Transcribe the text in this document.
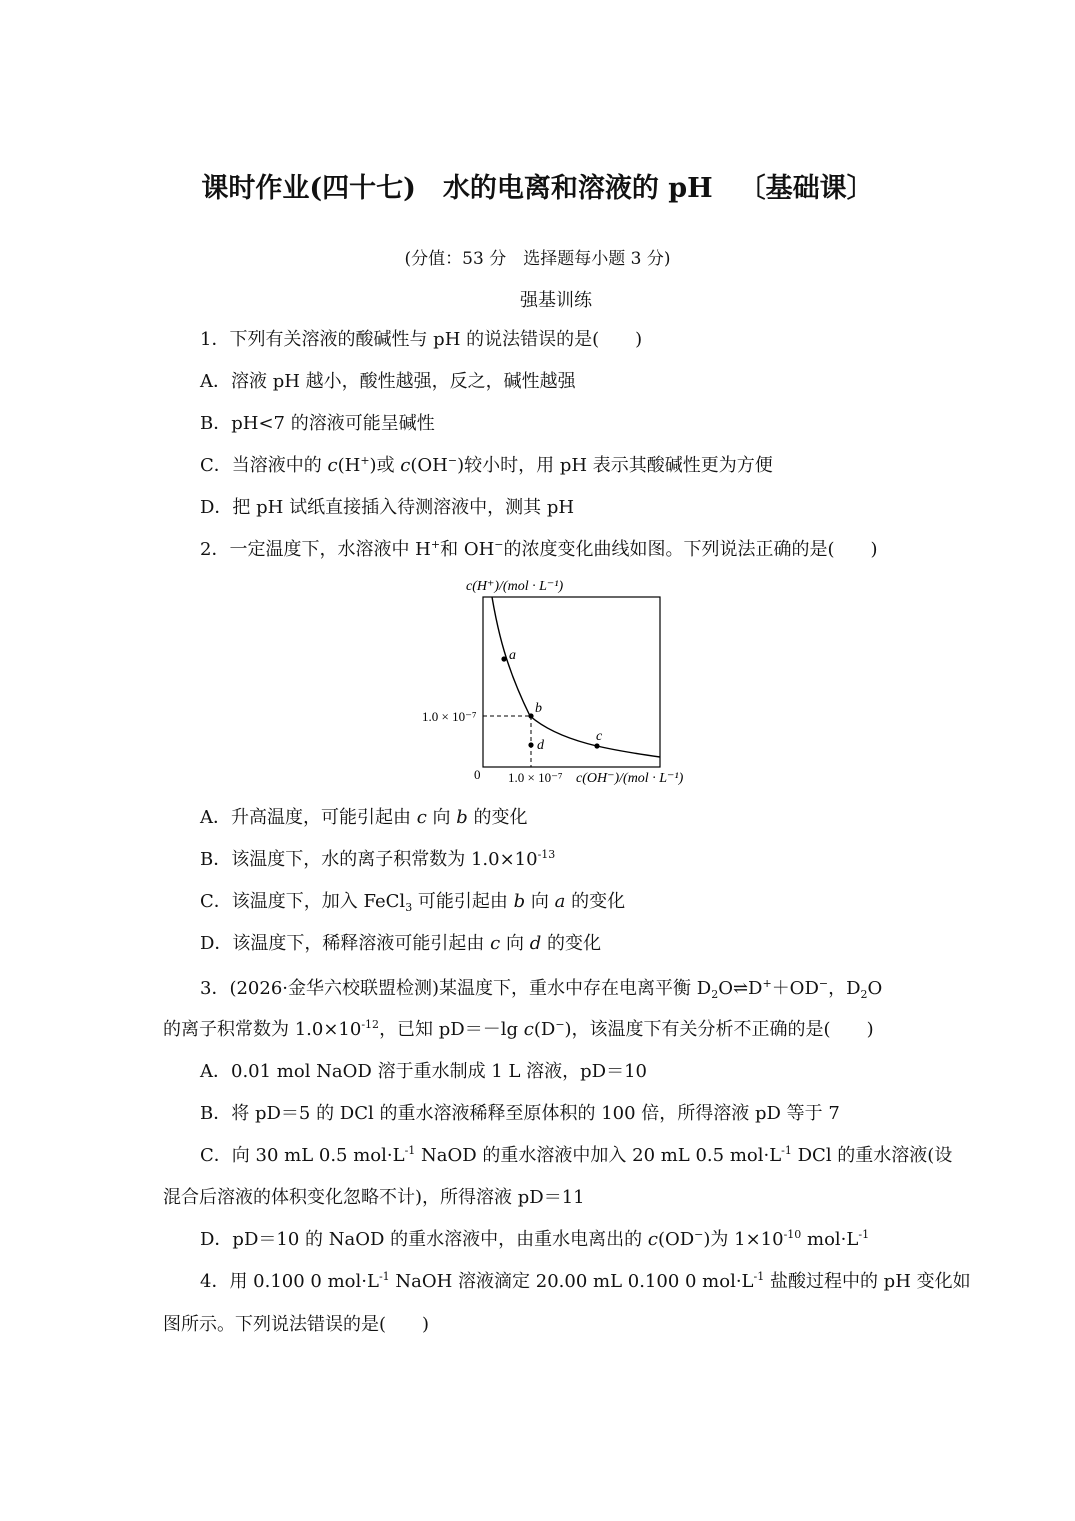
课时作业(四十七)　水的电离和溶液的 pH 〔基础课〕
(分值：53 分　选择题每小题 3 分)
强基训练
1．下列有关溶液的酸碱性与 pH 的说法错误的是(　　)
A．溶液 pH 越小，酸性越强，反之，碱性越强
B．pH<7 的溶液可能呈碱性
C．当溶液中的 c(H+)或 c(OH−)较小时，用 pH 表示其酸碱性更为方便
D．把 pH 试纸直接插入待测溶液中，测其 pH
2．一定温度下，水溶液中 H+和 OH−的浓度变化曲线如图。下列说法正确的是(　　)
c(H⁺)/(mol · L⁻¹)
a
b
c
d
1.0 × 10⁻⁷
0 1.0 × 10⁻⁷ c(OH⁻)/(mol · L⁻¹)
A．升高温度，可能引起由 c 向 b 的变化
B．该温度下，水的离子积常数为 $1.0\times 10^{-13}$
C．该温度下，加入 FeCl$_3$ 可能引起由 b 向 a 的变化
D．该温度下，稀释溶液可能引起由 c 向 d 的变化
3．(2026·金华六校联盟检测)某温度下，重水中存在电离平衡 $D_2O\rightleftharpoons D^++OD^-$，$D_2O$
的离子积常数为 $1.0\times 10^{-12}$，已知 pD＝－lg c(D−)，该温度下有关分析不正确的是(　　)
A．0.01 mol NaOD 溶于重水制成 1 L 溶液，pD＝10
B．将 pD＝5 的 DCl 的重水溶液稀释至原体积的 100 倍，所得溶液 pD 等于 7
C．向 30 mL 0.5 $mol\cdot L^{-1}$ NaOD 的重水溶液中加入 20 mL 0.5 $mol\cdot L^{-1}$ DCl 的重水溶液(设
混合后溶液的体积变化忽略不计)，所得溶液 pD＝11
D．pD＝10 的 NaOD 的重水溶液中，由重水电离出的 c(OD−)为 $1\times 10^{-10}$ $mol\cdot L^{-1}$
4．用 0.100 0 $mol\cdot L^{-1}$ NaOH 溶液滴定 20.00 mL 0.100 0 $mol\cdot L^{-1}$ 盐酸过程中的 pH 变化如
图所示。下列说法错误的是(　　)
